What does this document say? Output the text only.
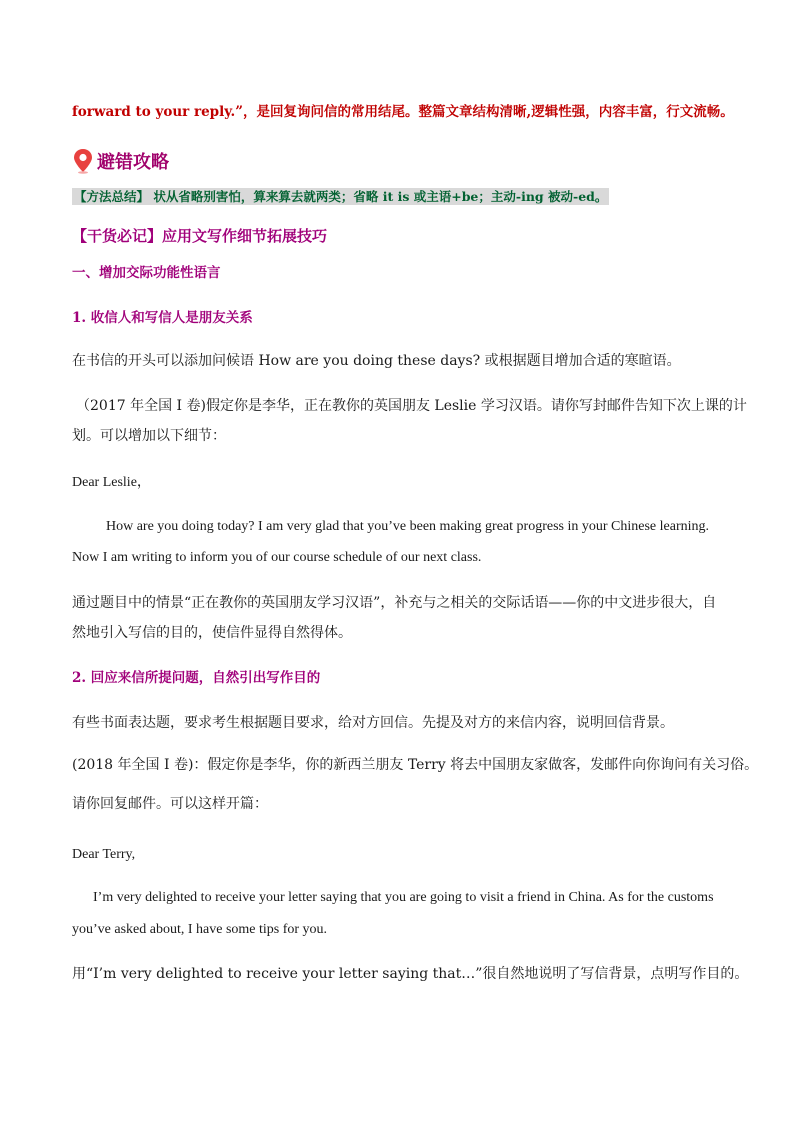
forward to your reply.”，是回复询问信的常用结尾。整篇文章结构清晰,逻辑性强，内容丰富，行文流畅。
避错攻略
【方法总结】 状从省略别害怕，算来算去就两类；省略 it is 或主语+be；主动-ing 被动-ed。
【干货必记】应用文写作细节拓展技巧
一、增加交际功能性语言
1. 收信人和写信人是朋友关系
在书信的开头可以添加问候语 How are you doing these days? 或根据题目增加合适的寒暄语。
（2017 年全国 I 卷)假定你是李华，正在教你的英国朋友 Leslie 学习汉语。请你写封邮件告知下次上课的计
划。可以增加以下细节：
Dear Leslie，
How are you doing today? I am very glad that you’ve been making great progress in your Chinese learning.
Now I am writing to inform you of our course schedule of our next class.
通过题目中的情景“正在教你的英国朋友学习汉语”，补充与之相关的交际话语——你的中文进步很大，自
然地引入写信的目的，使信件显得自然得体。
2. 回应来信所提问题，自然引出写作目的
有些书面表达题，要求考生根据题目要求，给对方回信。先提及对方的来信内容，说明回信背景。
(2018 年全国 I 卷)：假定你是李华，你的新西兰朋友 Terry 将去中国朋友家做客，发邮件向你询问有关习俗。
请你回复邮件。可以这样开篇：
Dear Terry,
I’m very delighted to receive your letter saying that you are going to visit a friend in China. As for the customs
you’ve asked about, I have some tips for you.
用“I’m very delighted to receive your letter saying that…”很自然地说明了写信背景，点明写作目的。
